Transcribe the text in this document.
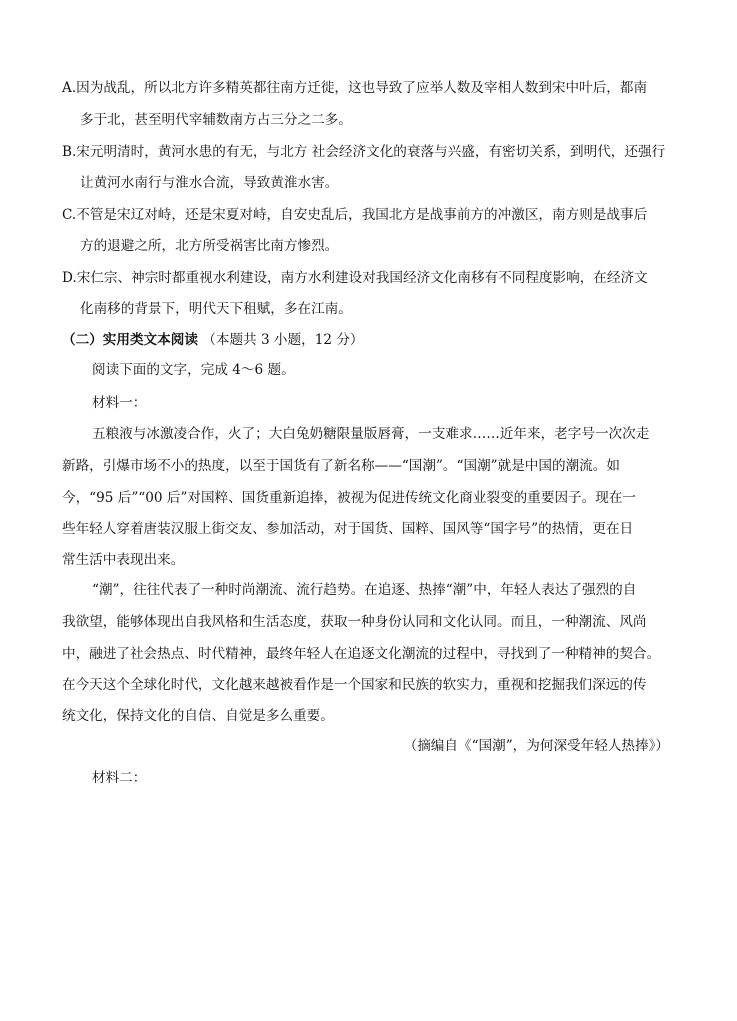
A.因为战乱，所以北方许多精英都往南方迁徙，这也导致了应举人数及宰相人数到宋中叶后，都南
多于北，甚至明代宰辅数南方占三分之二多。
B.宋元明清时，黄河水患的有无，与北方 社会经济文化的衰落与兴盛，有密切关系，到明代，还强行
让黄河水南行与淮水合流，导致黄淮水害。
C.不管是宋辽对峙，还是宋夏对峙，自安史乱后，我国北方是战事前方的冲激区，南方则是战事后
方的退避之所，北方所受祸害比南方惨烈。
D.宋仁宗、神宗时都重视水利建设，南方水利建设对我国经济文化南移有不同程度影响，在经济文
化南移的背景下，明代天下租赋，多在江南。
（二）实用类文本阅读 （本题共 3 小题，12 分）
阅读下面的文字，完成 4～6 题。
材料一：
五粮液与冰激凌合作，火了；大白兔奶糖限量版唇膏，一支难求……近年来，老字号一次次走
新路，引爆市场不小的热度，以至于国货有了新名称——“国潮”。“国潮”就是中国的潮流。如
今，“95 后”“00 后”对国粹、国货重新追捧，被视为促进传统文化商业裂变的重要因子。现在一
些年轻人穿着唐装汉服上街交友、参加活动，对于国货、国粹、国风等“国字号”的热情，更在日
常生活中表现出来。
“潮”，往往代表了一种时尚潮流、流行趋势。在追逐、热捧“潮”中，年轻人表达了强烈的自
我欲望，能够体现出自我风格和生活态度，获取一种身份认同和文化认同。而且，一种潮流、风尚
中，融进了社会热点、时代精神，最终年轻人在追逐文化潮流的过程中，寻找到了一种精神的契合。
在今天这个全球化时代，文化越来越被看作是一个国家和民族的软实力，重视和挖掘我们深远的传
统文化，保持文化的自信、自觉是多么重要。
（摘编自《“国潮”，为何深受年轻人热捧》）
材料二：
